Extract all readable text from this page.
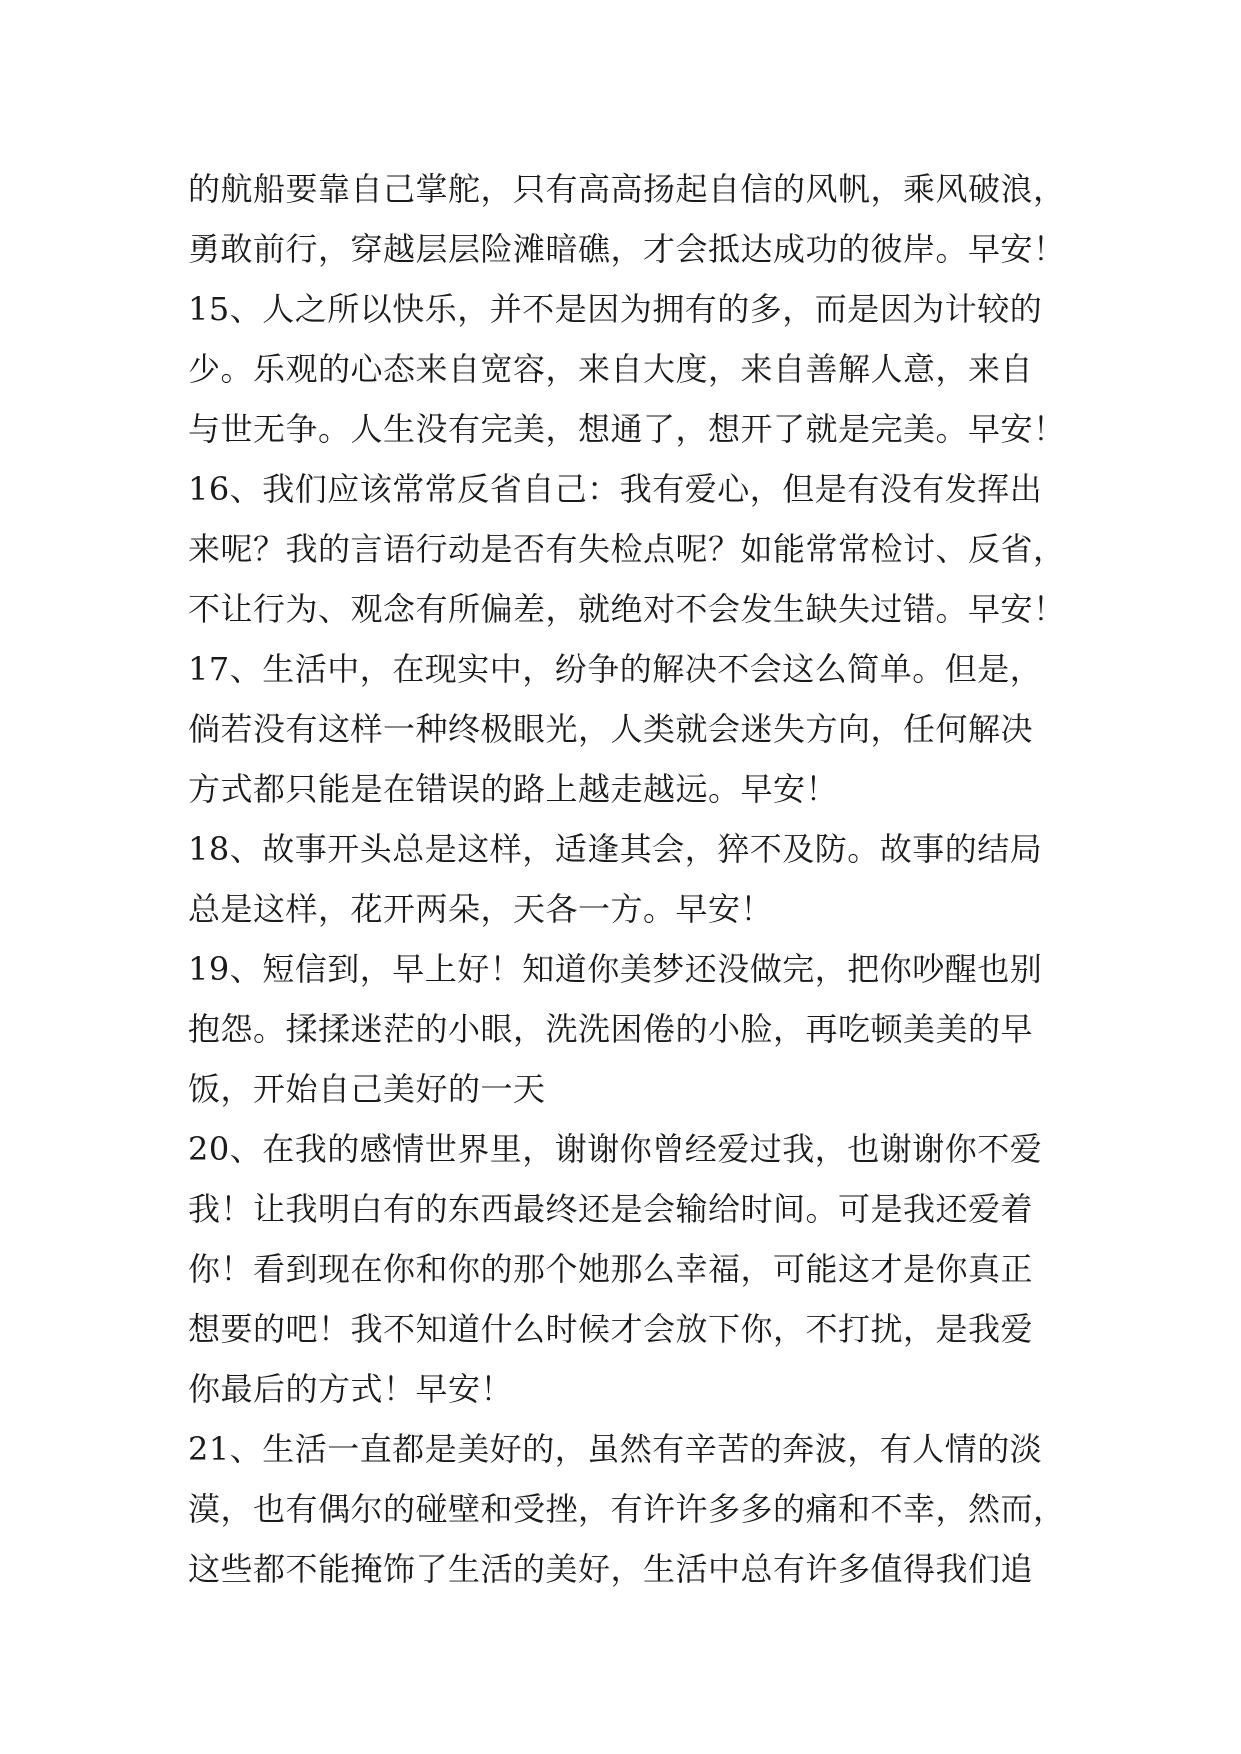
的航船要靠自己掌舵，只有高高扬起自信的风帆，乘风破浪，
勇敢前行，穿越层层险滩暗礁，才会抵达成功的彼岸。早安！
15、人之所以快乐，并不是因为拥有的多，而是因为计较的
少。乐观的心态来自宽容，来自大度，来自善解人意，来自
与世无争。人生没有完美，想通了，想开了就是完美。早安！
16、我们应该常常反省自己：我有爱心，但是有没有发挥出
来呢？我的言语行动是否有失检点呢？如能常常检讨、反省，
不让行为、观念有所偏差，就绝对不会发生缺失过错。早安！
17、生活中，在现实中，纷争的解决不会这么简单。但是，
倘若没有这样一种终极眼光，人类就会迷失方向，任何解决
方式都只能是在错误的路上越走越远。早安！
18、故事开头总是这样，适逢其会，猝不及防。故事的结局
总是这样，花开两朵，天各一方。早安！
19、短信到，早上好！知道你美梦还没做完，把你吵醒也别
抱怨。揉揉迷茫的小眼，洗洗困倦的小脸，再吃顿美美的早
饭，开始自己美好的一天
20、在我的感情世界里，谢谢你曾经爱过我，也谢谢你不爱
我！让我明白有的东西最终还是会输给时间。可是我还爱着
你！看到现在你和你的那个她那么幸福，可能这才是你真正
想要的吧！我不知道什么时候才会放下你，不打扰，是我爱
你最后的方式！早安！
21、生活一直都是美好的，虽然有辛苦的奔波，有人情的淡
漠，也有偶尔的碰壁和受挫，有许许多多的痛和不幸，然而，
这些都不能掩饰了生活的美好，生活中总有许多值得我们追
